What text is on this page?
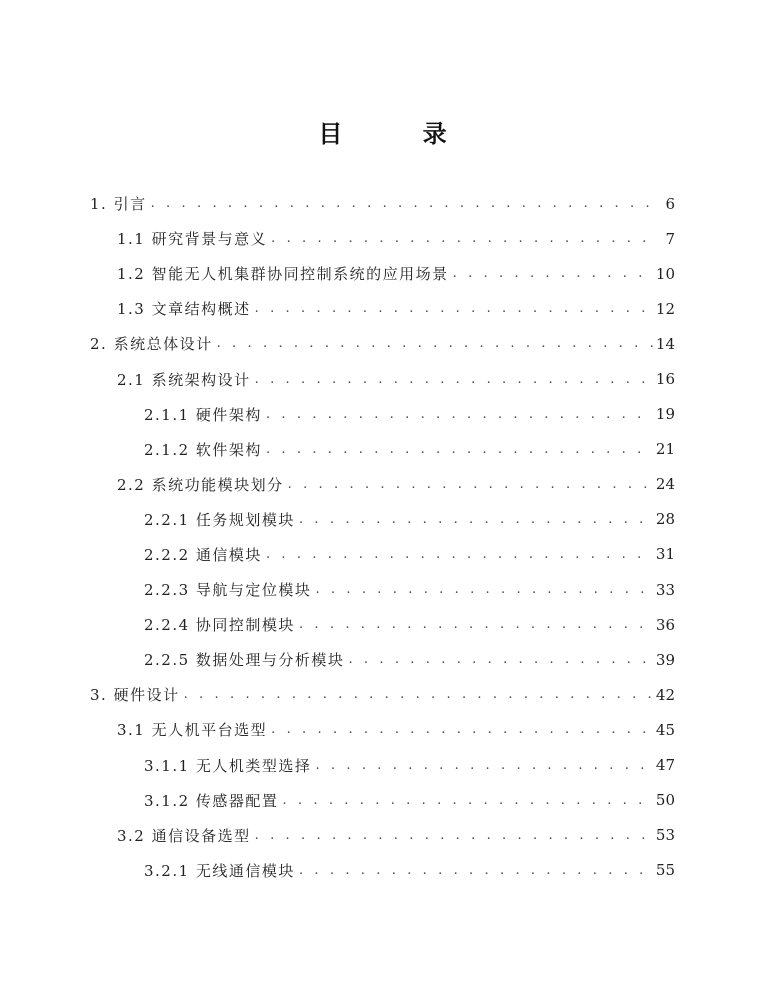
目 录
1. 引言 . . .	6
1.1 研究背景与意义 . . .	7
1.2 智能无人机集群协同控制系统的应用场景 . . .	10
1.3 文章结构概述 . . .	12
2. 系统总体设计 . . .	14
2.1 系统架构设计 . . .	16
2.1.1 硬件架构 . . .	19
2.1.2 软件架构 . . .	21
2.2 系统功能模块划分 . . .	24
2.2.1 任务规划模块 . . .	28
2.2.2 通信模块 . . .	31
2.2.3 导航与定位模块 . . .	33
2.2.4 协同控制模块 . . .	36
2.2.5 数据处理与分析模块 . . .	39
3. 硬件设计 . . .	42
3.1 无人机平台选型 . . .	45
3.1.1 无人机类型选择 . . .	47
3.1.2 传感器配置 . . .	50
3.2 通信设备选型 . . .	53
3.2.1 无线通信模块 . . .	55
